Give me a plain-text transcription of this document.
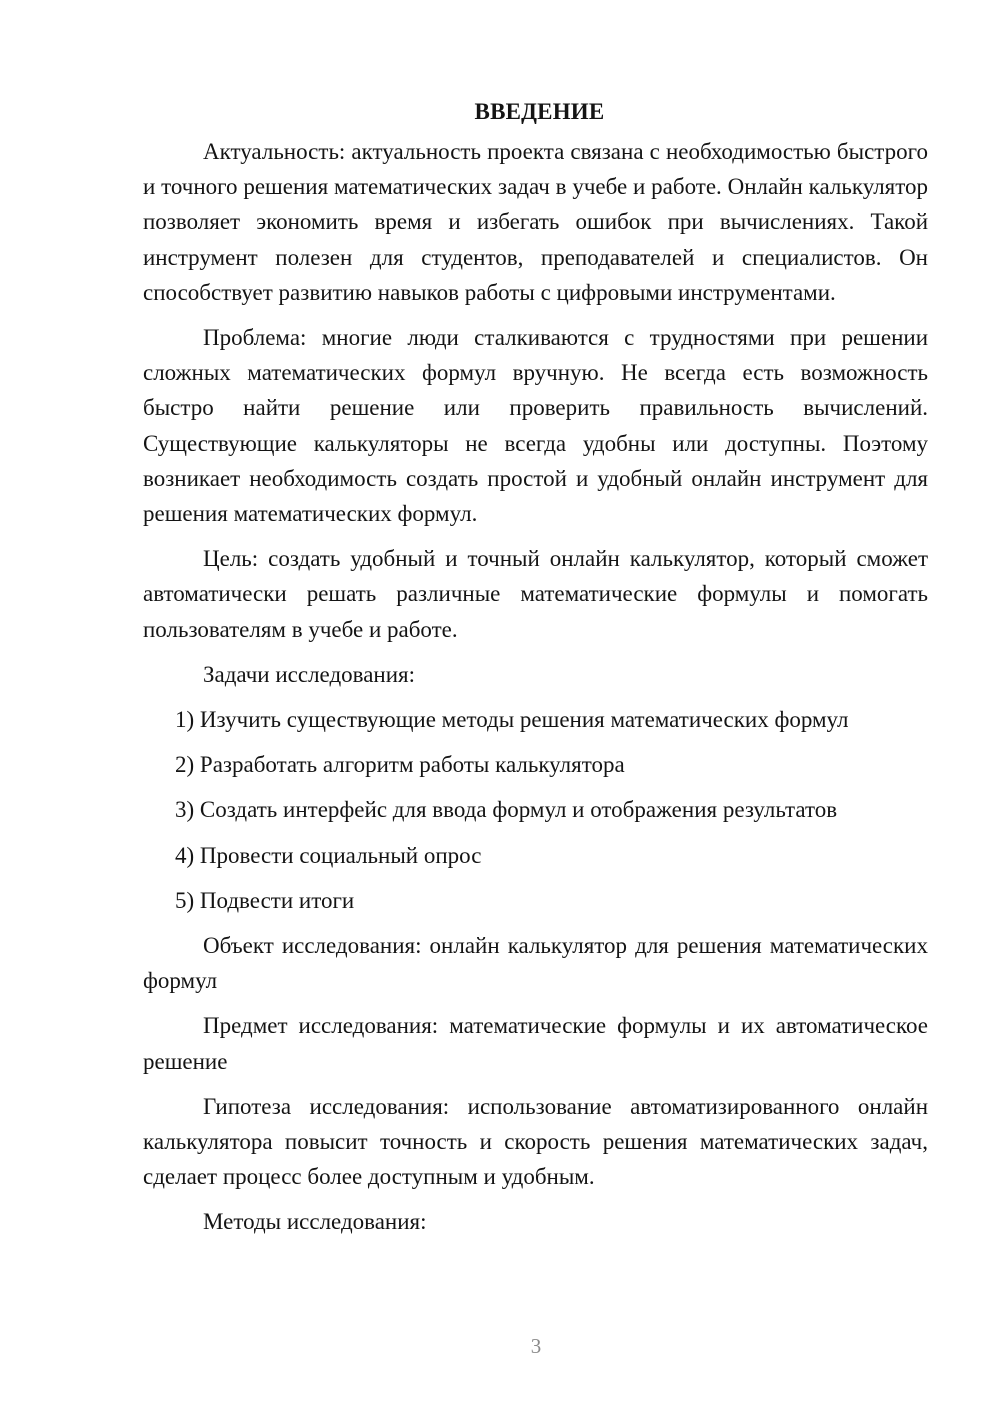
ВВЕДЕНИЕ

Актуальность: актуальность проекта связана с необходимостью быстрого и точного решения математических задач в учебе и работе. Онлайн калькулятор позволяет экономить время и избегать ошибок при вычислениях. Такой инструмент полезен для студентов, преподавателей и специалистов. Он способствует развитию навыков работы с цифровыми инструментами.

Проблема: многие люди сталкиваются с трудностями при решении сложных математических формул вручную. Не всегда есть возможность быстро найти решение или проверить правильность вычислений. Существующие калькуляторы не всегда удобны или доступны. Поэтому возникает необходимость создать простой и удобный онлайн инструмент для решения математических формул.

Цель: создать удобный и точный онлайн калькулятор, который сможет автоматически решать различные математические формулы и помогать пользователям в учебе и работе.

Задачи исследования:

1) Изучить существующие методы решения математических формул
2) Разработать алгоритм работы калькулятора
3) Создать интерфейс для ввода формул и отображения результатов
4) Провести социальный опрос
5) Подвести итоги

Объект исследования: онлайн калькулятор для решения математических формул

Предмет исследования: математические формулы и их автоматическое решение

Гипотеза исследования: использование автоматизированного онлайн калькулятора повысит точность и скорость решения математических задач, сделает процесс более доступным и удобным.

Методы исследования:

3
